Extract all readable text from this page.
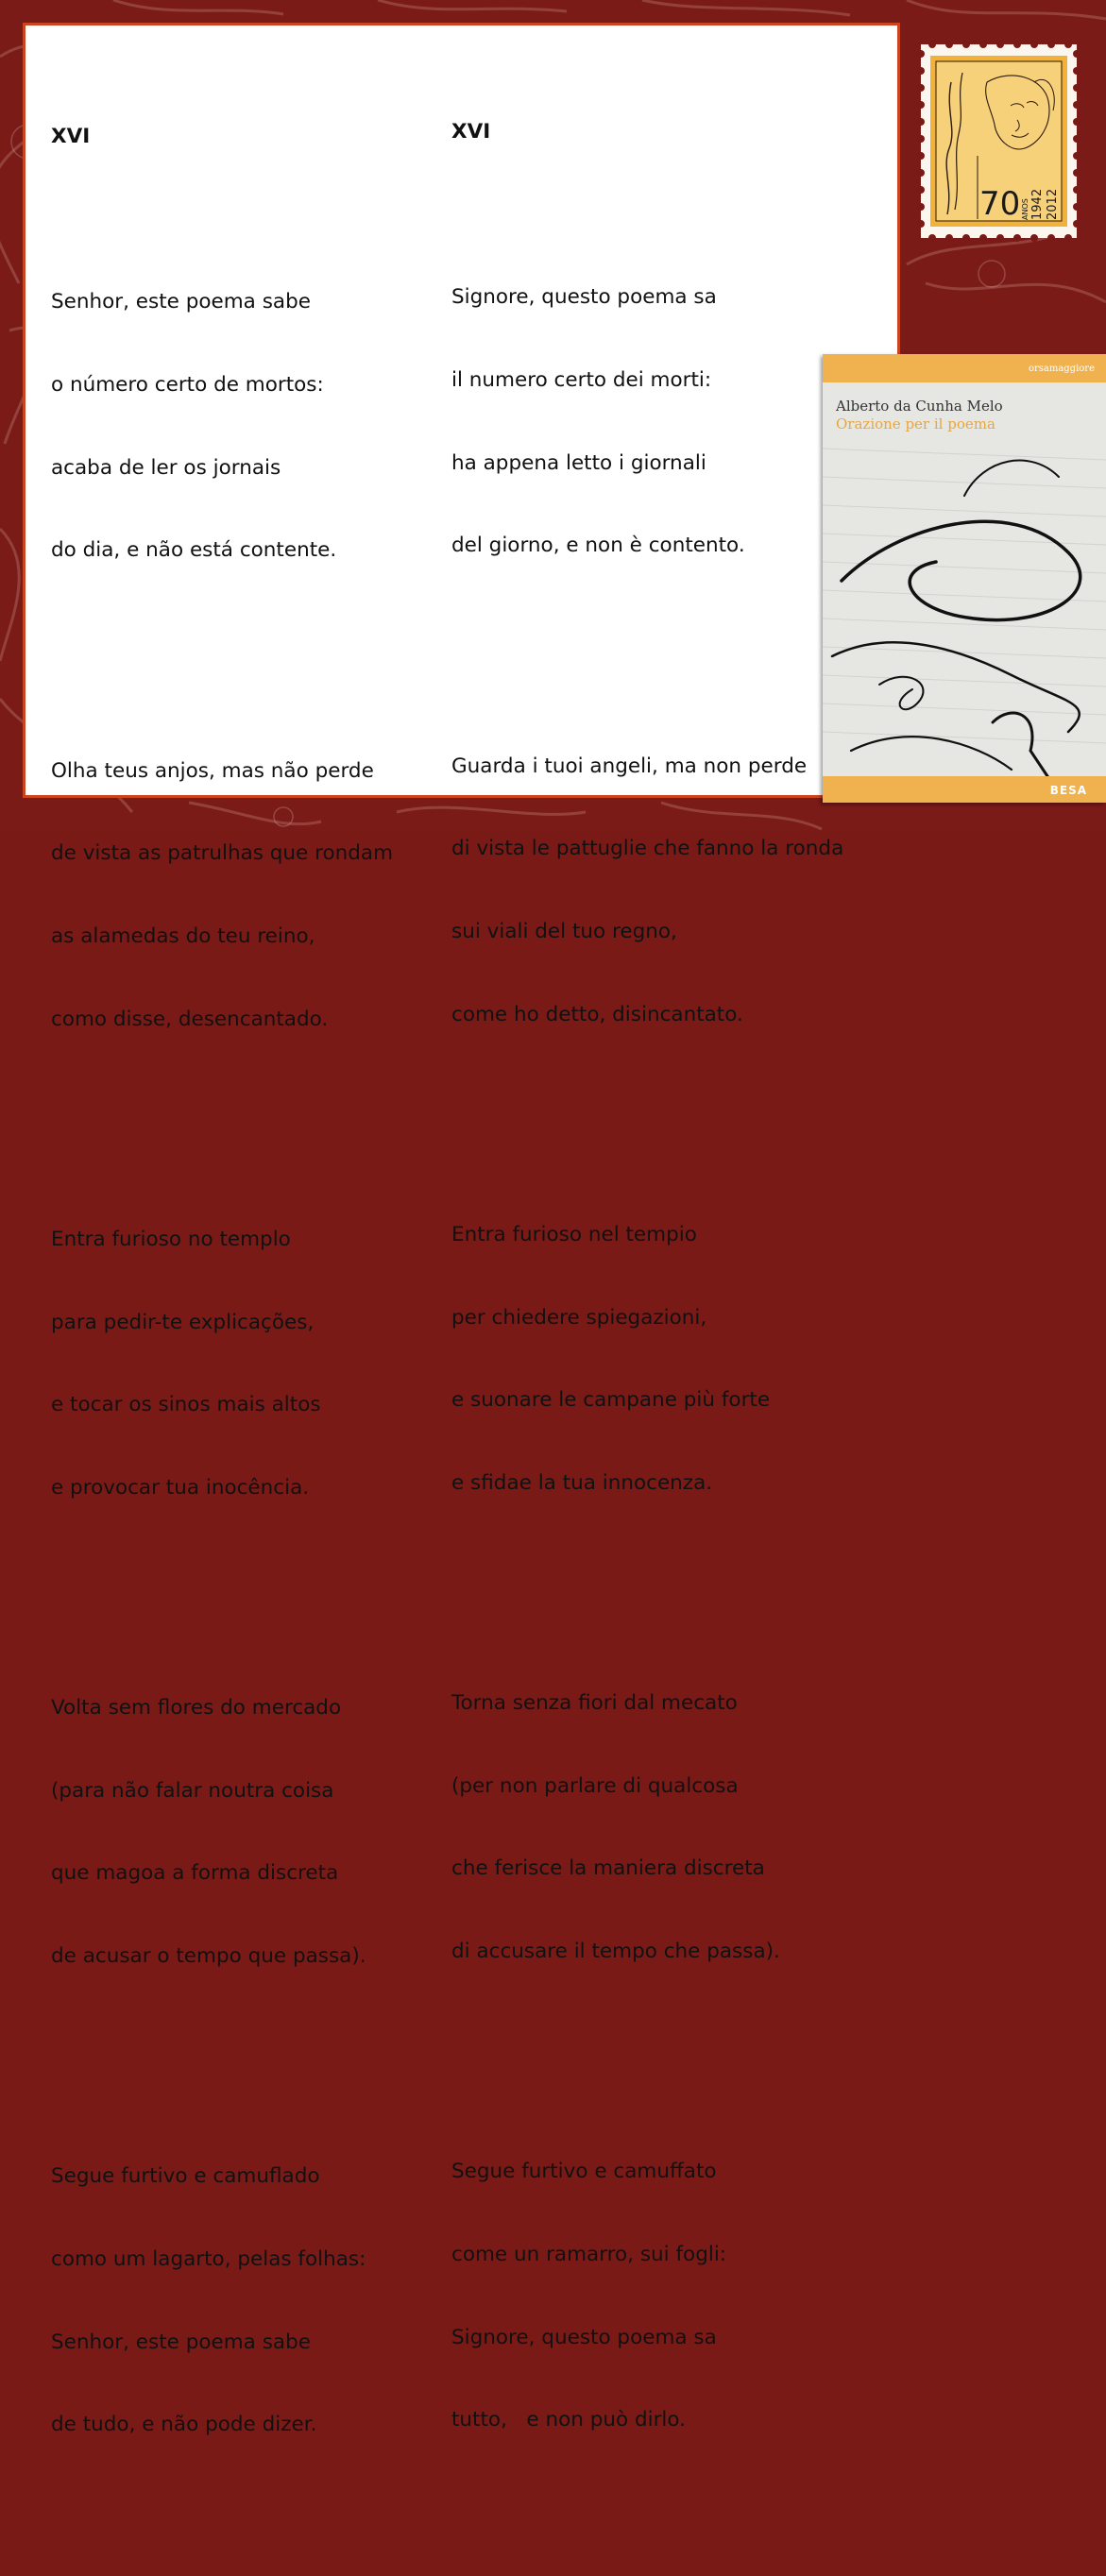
XVI

Senhor, este poema sabe

o número certo de mortos:

acaba de ler os jornais

do dia, e não está contente.

Olha teus anjos, mas não perde

de vista as patrulhas que rondam

as alamedas do teu reino,

como disse, desencantado.

Entra furioso no templo

para pedir-te explicações,

e tocar os sinos mais altos

e provocar tua inocência.

Volta sem flores do mercado

(para não falar noutra coisa

que magoa a forma discreta

de acusar o tempo que passa).

Segue furtivo e camuflado

como um lagarto, pelas folhas:

Senhor, este poema sabe

de tudo, e não pode dizer.

XVI

Signore, questo poema sa

il numero certo dei morti:

ha appena letto i giornali

del giorno, e non è contento.

Guarda i tuoi angeli, ma non perde

di vista le pattuglie che fanno la ronda

sui viali del tuo regno,

come ho detto, disincantato.

Entra furioso nel tempio

per chiedere spiegazioni,

e suonare le campane più forte

e sfidae la tua innocenza.

Torna senza fiori dal mecato

(per non parlare di qualcosa

che ferisce la maniera discreta

di accusare il tempo che passa).

Segue furtivo e camuffato

come un ramarro, sui fogli:

Signore, questo poema sa

tutto,   e non può dirlo.

70 ANOS 1942 2012
orsamaggiore
Alberto da Cunha Melo
Orazione per il poema
BESA
